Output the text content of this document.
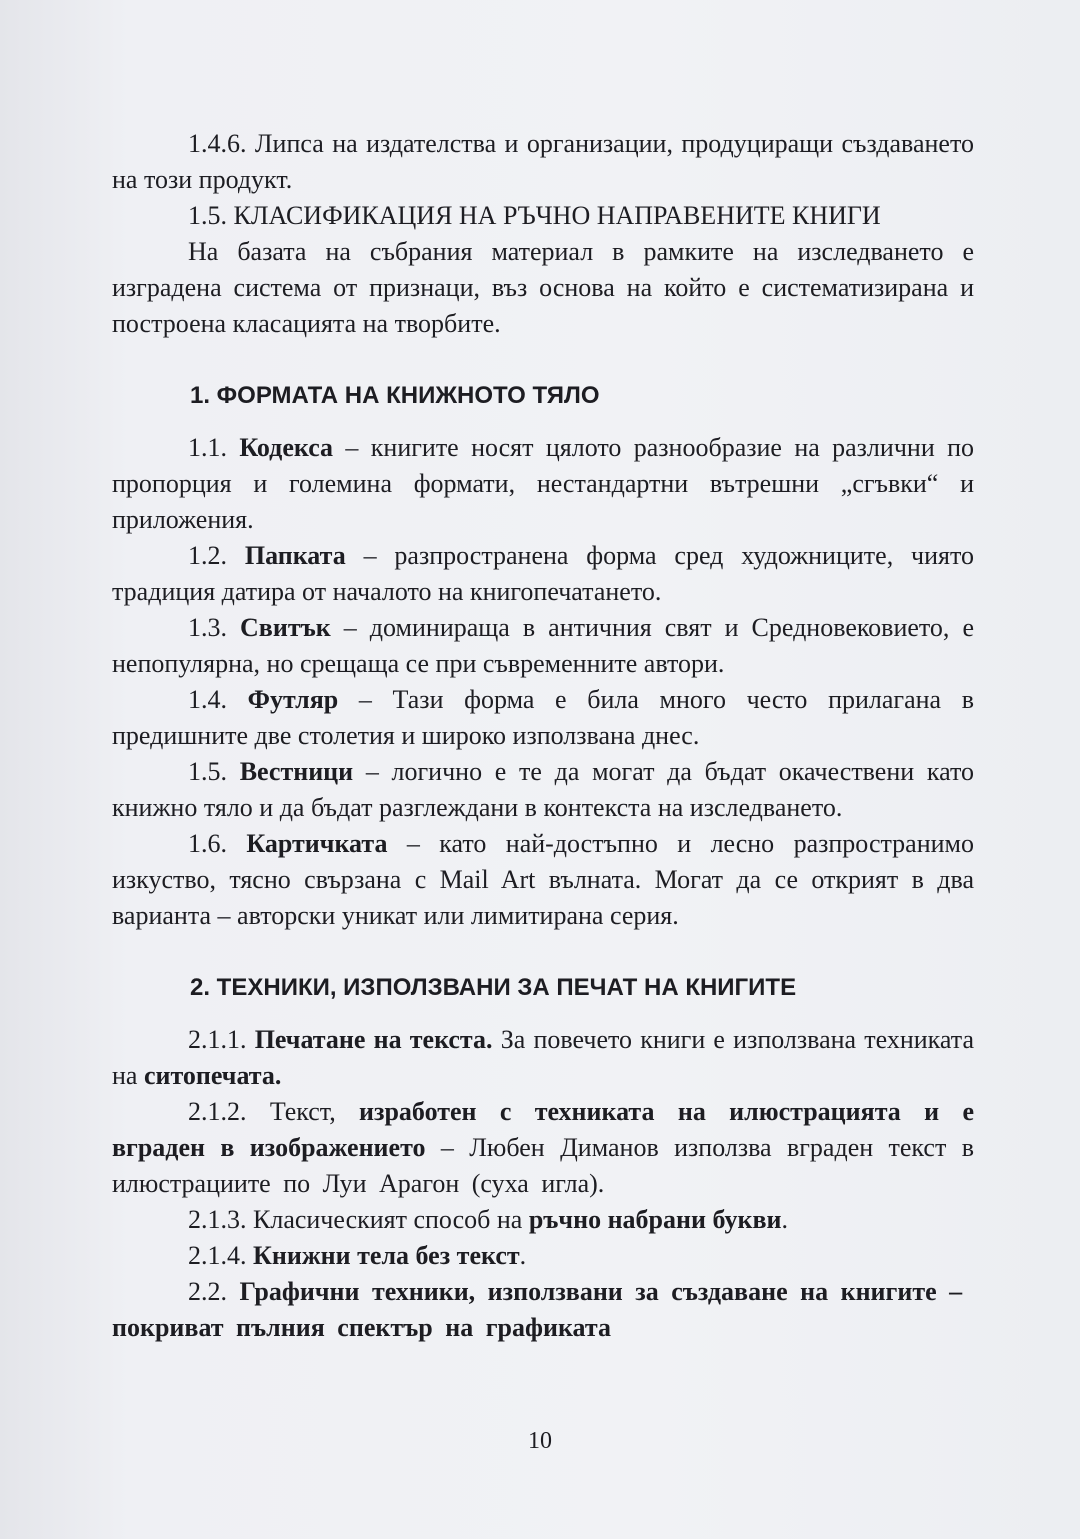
1.4.6. Липса на издателства и организации, продуциращи създаването на този продукт.

1.5. КЛАСИФИКАЦИЯ НА РЪЧНО НАПРАВЕНИТЕ КНИГИ

На базата на събрания материал в рамките на изследването е изградена система от признаци, въз основа на който е систематизирана и построена класацията на творбите.

1. ФОРМАТА НА КНИЖНОТО ТЯЛО

1.1. Кодекса – книгите носят цялото разнообразие на различни по пропорция и големина формати, нестандартни вътрешни „сгъвки“ и приложения.

1.2. Папката – разпространена форма сред художниците, чиято традиция датира от началото на книгопечатането.

1.3. Свитък – доминираща в античния свят и Средновековието, е непопулярна, но срещаща се при съвременните автори.

1.4. Футляр – Тази форма е била много често прилагана в предишните две столетия и широко използвана днес.

1.5. Вестници – логично е те да могат да бъдат окачествени като книжно тяло и да бъдат разглеждани в контекста на изследването.

1.6. Картичката – като най-достъпно и лесно разпространимо изкуство, тясно свързана с Mail Art вълната. Могат да се открият в два варианта – авторски уникат или лимитирана серия.

2. ТЕХНИКИ, ИЗПОЛЗВАНИ ЗА ПЕЧАТ НА КНИГИТЕ

2.1.1. Печатане на текста. За повечето книги е използвана техниката на ситопечата.

2.1.2. Текст, изработен с техниката на илюстрацията и е вграден в изображението – Любен Диманов използва вграден текст в илюстрациите по Луи Арагон (суха игла).

2.1.3. Класическият способ на ръчно набрани букви.

2.1.4. Книжни тела без текст.

2.2. Графични техники, използвани за създаване на книгите – покриват пълния спектър на графиката

10
